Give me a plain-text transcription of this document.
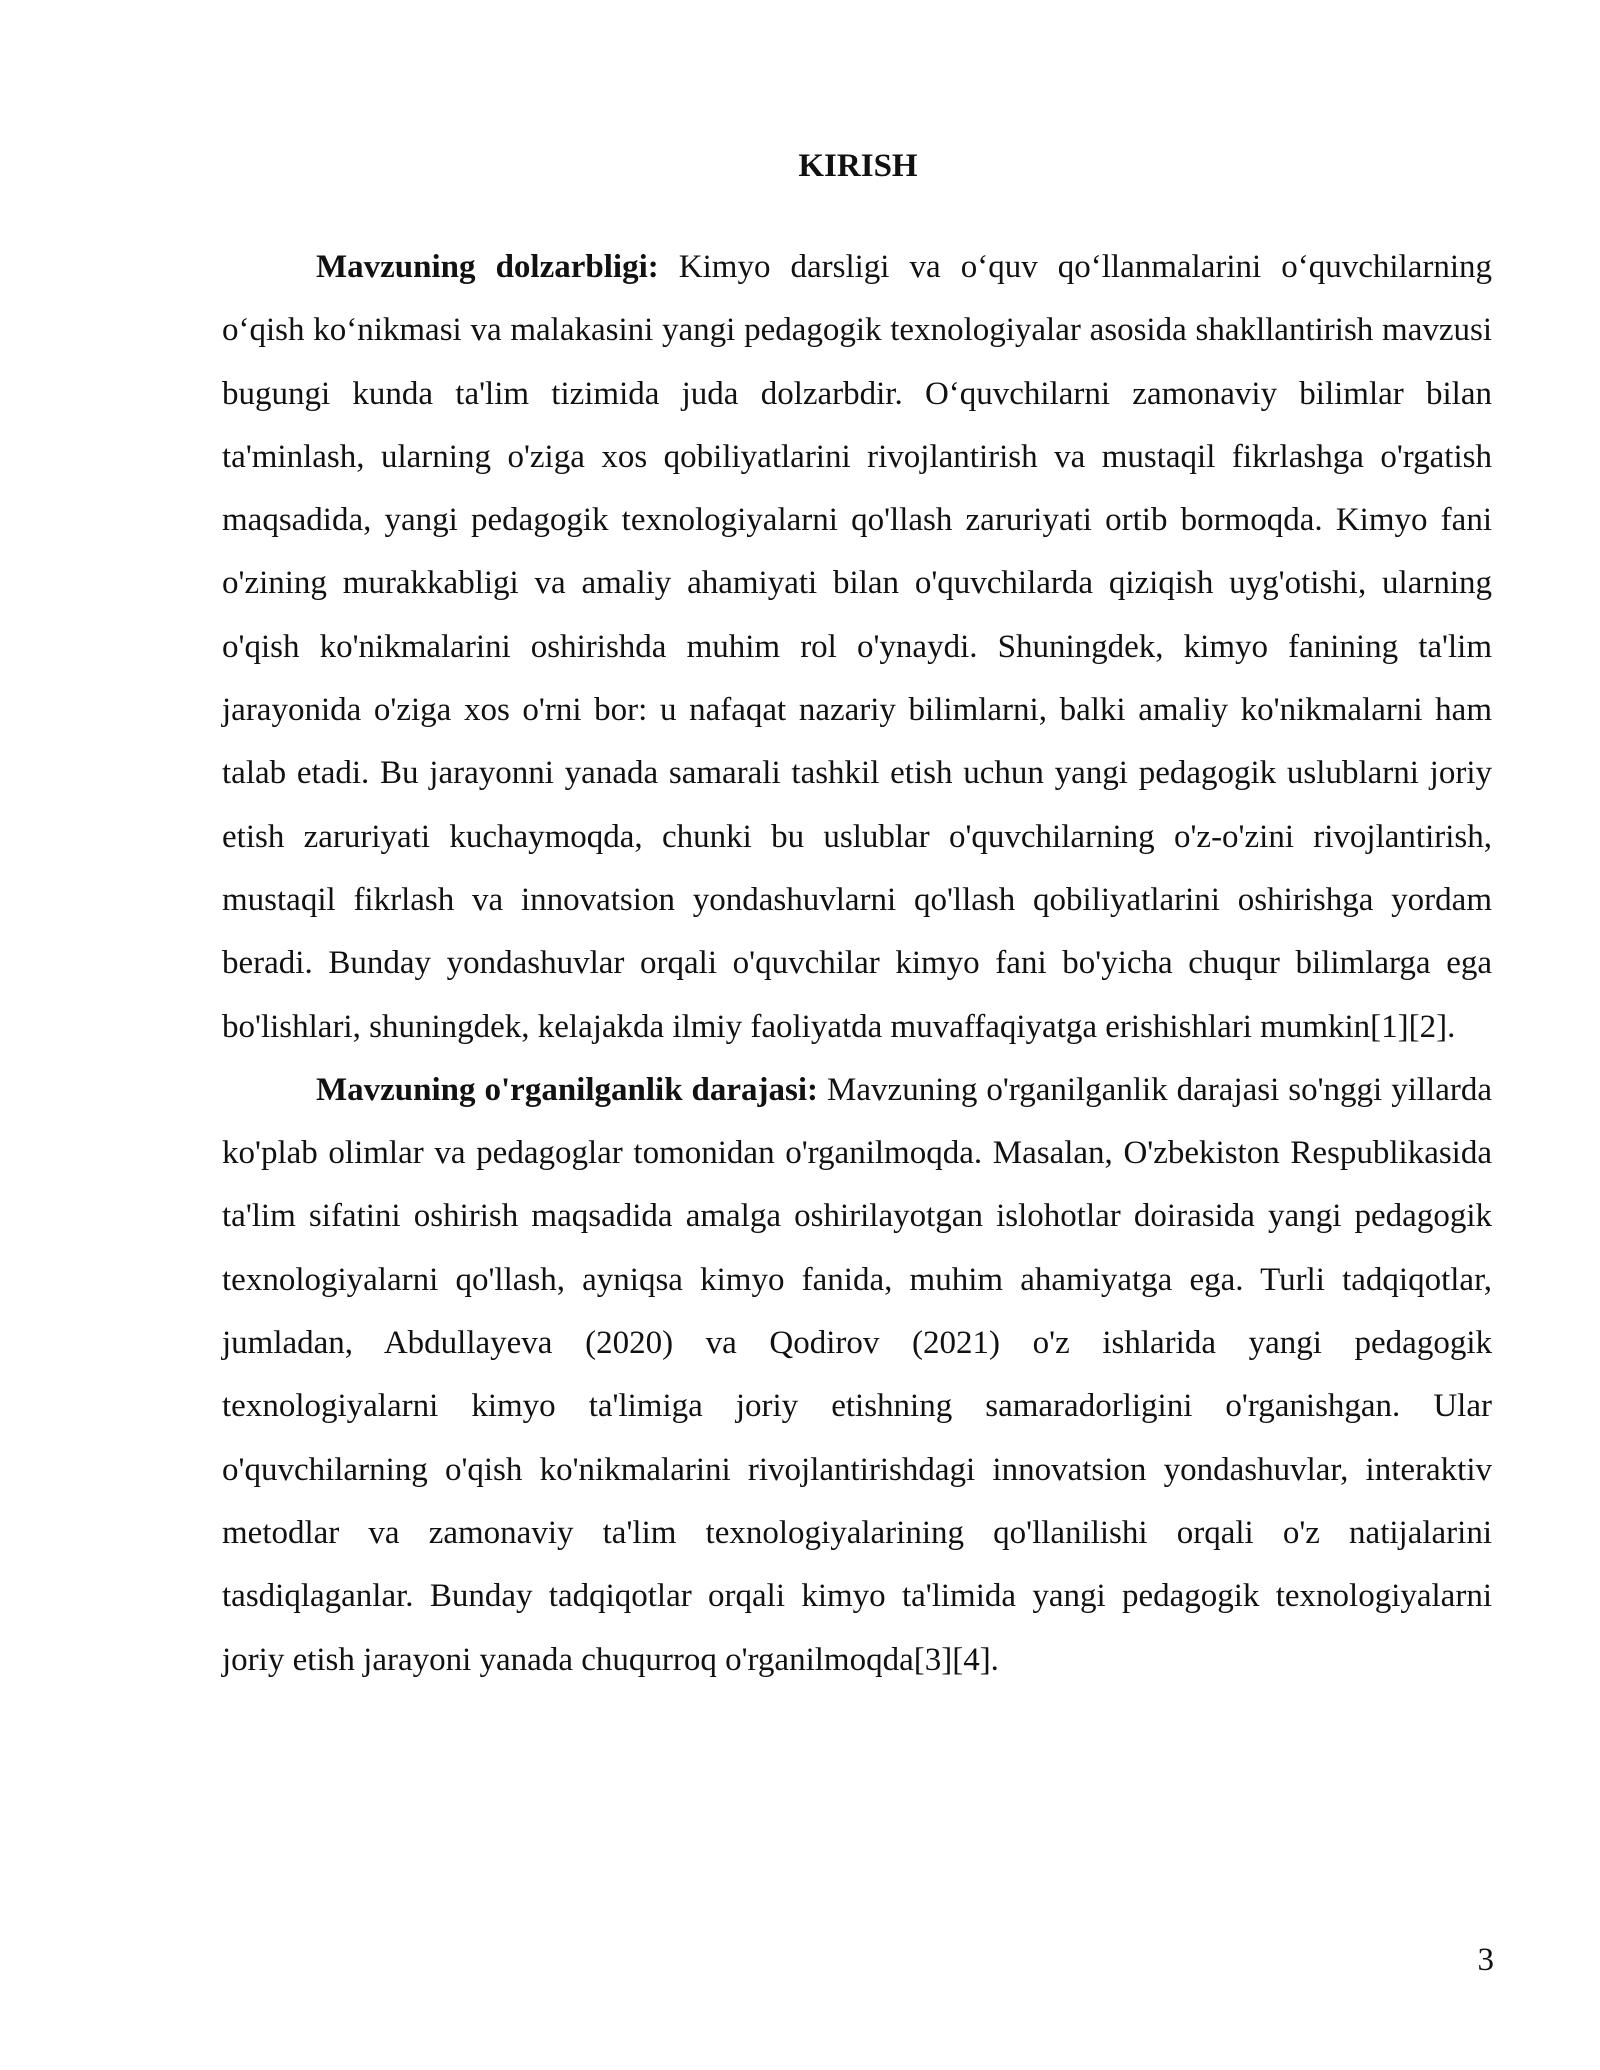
KIRISH

Mavzuning dolzarbligi: Kimyo darsligi va o‘quv qo‘llanmalarini o‘quvchilarning o‘qish ko‘nikmasi va malakasini yangi pedagogik texnologiyalar asosida shakllantirish mavzusi bugungi kunda ta'lim tizimida juda dolzarbdir. O‘quvchilarni zamonaviy bilimlar bilan ta'minlash, ularning o'ziga xos qobiliyatlarini rivojlantirish va mustaqil fikrlashga o'rgatish maqsadida, yangi pedagogik texnologiyalarni qo'llash zaruriyati ortib bormoqda. Kimyo fani o'zining murakkabligi va amaliy ahamiyati bilan o'quvchilarda qiziqish uyg'otishi, ularning o'qish ko'nikmalarini oshirishda muhim rol o'ynaydi. Shuningdek, kimyo fanining ta'lim jarayonida o'ziga xos o'rni bor: u nafaqat nazariy bilimlarni, balki amaliy ko'nikmalarni ham talab etadi. Bu jarayonni yanada samarali tashkil etish uchun yangi pedagogik uslublarni joriy etish zaruriyati kuchaymoqda, chunki bu uslublar o'quvchilarning o'z-o'zini rivojlantirish, mustaqil fikrlash va innovatsion yondashuvlarni qo'llash qobiliyatlarini oshirishga yordam beradi. Bunday yondashuvlar orqali o'quvchilar kimyo fani bo'yicha chuqur bilimlarga ega bo'lishlari, shuningdek, kelajakda ilmiy faoliyatda muvaffaqiyatga erishishlari mumkin[1][2].

Mavzuning o'rganilganlik darajasi: Mavzuning o'rganilganlik darajasi so'nggi yillarda ko'plab olimlar va pedagoglar tomonidan o'rganilmoqda. Masalan, O'zbekiston Respublikasida ta'lim sifatini oshirish maqsadida amalga oshirilayotgan islohotlar doirasida yangi pedagogik texnologiyalarni qo'llash, ayniqsa kimyo fanida, muhim ahamiyatga ega. Turli tadqiqotlar, jumladan, Abdullayeva (2020) va Qodirov (2021) o'z ishlarida yangi pedagogik texnologiyalarni kimyo ta'limiga joriy etishning samaradorligini o'rganishgan. Ular o'quvchilarning o'qish ko'nikmalarini rivojlantirishdagi innovatsion yondashuvlar, interaktiv metodlar va zamonaviy ta'lim texnologiyalarining qo'llanilishi orqali o'z natijalarini tasdiqlaganlar. Bunday tadqiqotlar orqali kimyo ta'limida yangi pedagogik texnologiyalarni joriy etish jarayoni yanada chuqurroq o'rganilmoqda[3][4].

3
